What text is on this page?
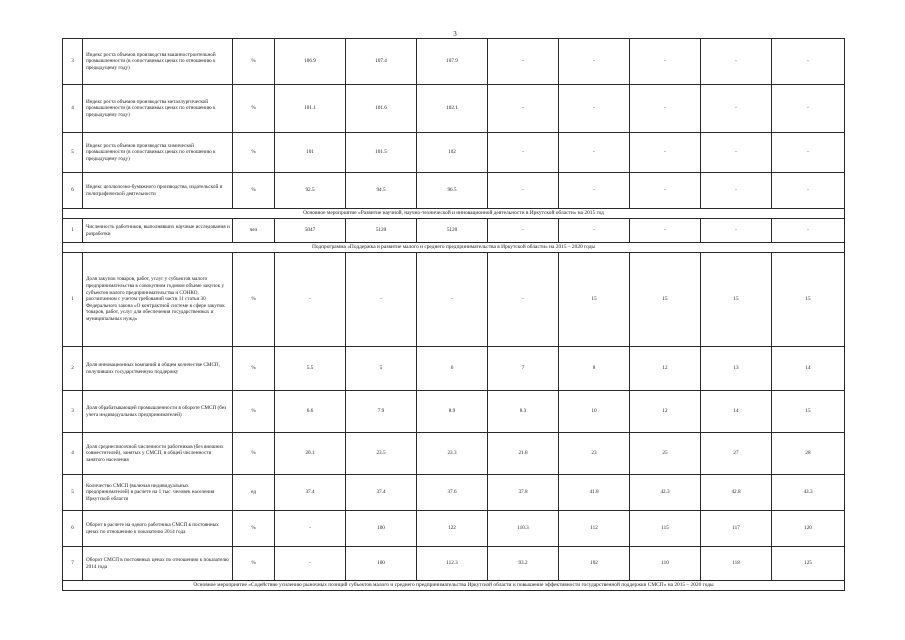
3
3	Индекс роста объемов производства машиностроительной промышленности (в сопоставимых ценах по отношению к предыдущему году)	%	106.9	107.4	107.9	-	-	-	-	-
4	Индекс роста объемов производства металлургической промышленности (в сопоставимых ценах по отношению к предыдущему году)	%	101.1	101.6	102.1	-	-	-	-	-
5	Индекс роста объемов производства химической промышленности (в сопоставимых ценах по отношению к предыдущему году)	%	101	101.5	102	-	-	-	-	-
6	Индекс целлюлозно-бумажного производства, издательской и полиграфической деятельности	%	92.5	94.5	96.5	-	-	-	-	-
Основное мероприятие «Развитие научной, научно-технической и инновационной деятельности в Иркутской области» на 2015 год										
1	Численность работников, выполнявших научные исследования и разработки	чел	5047	5120	5120	-	-	-	-	-
Подпрограмма «Поддержка и развитие малого и среднего предпринимательства в Иркутской области» на 2015 – 2020 годы										
1	Доля закупок товаров, работ, услуг у субъектов малого предпринимательства в совокупном годовом объеме закупок у субъектов малого предпринимательства и СОНКО, рассчитанном с учетом требований части 11 статьи 30 Федерального закона «О контрактной системе в сфере закупок товаров, работ, услуг для обеспечения государственных и муниципальных нужд»	%	-	-	-	-	15	15	15	15
2	Доля инновационных компаний в общем количестве СМСП, получивших государственную поддержку	%	5.5	5	6	7	8	12	13	14
3	Доля обрабатывающей промышленности в обороте СМСП (без учета индивидуальных предпринимателей)	%	6.6	7.9	8.9	8.3	10	12	14	15
4	Доля среднесписочной численности работников (без внешних совместителей), занятых у СМСП, в общей численности занятого населения	%	20.1	23.5	23.3	21.8	23	25	27	28
5	Количество СМСП (включая индивидуальных предпринимателей) в расчете на 1 тыс. человек населения Иркутской области	ед	37.4	37.4	37.6	37.8	41.8	42.3	42.8	43.3
6	Оборот в расчете на одного работника СМСП в постоянных ценах по отношению к показателю 2014 года	%	-	100	122	110.3	112	115	117	120
7	Оборот СМСП в постоянных ценах по отношению к показателю 2014 года	%	-	100	112.3	93.2	102	110	118	125
Основное мероприятие «Содействие усилению рыночных позиций субъектов малого и среднего предпринимательства Иркутской области и повышение эффективности государственной поддержки СМСП» на 2015 – 2020 годы										
